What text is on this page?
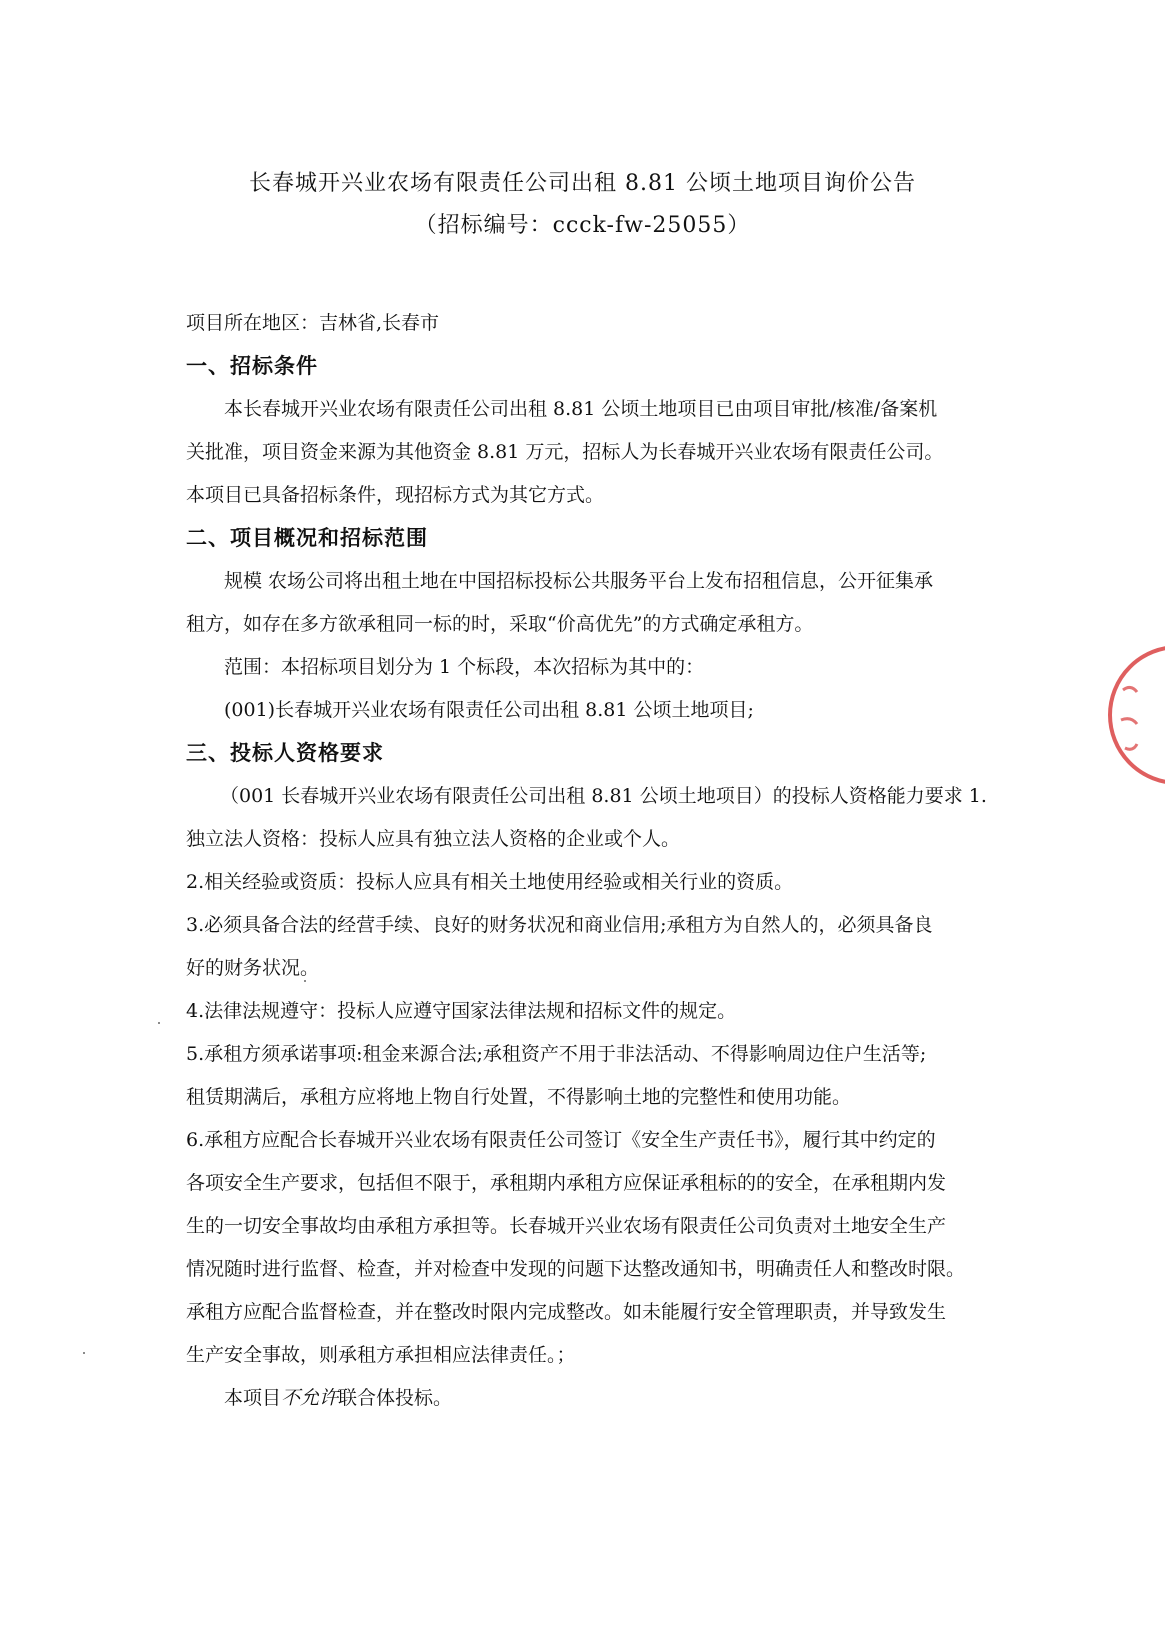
长春城开兴业农场有限责任公司出租 8.81 公顷土地项目询价公告
（招标编号：ccck-fw-25055）

项目所在地区：吉林省,长春市

一、招标条件

本长春城开兴业农场有限责任公司出租 8.81 公顷土地项目已由项目审批/核准/备案机

关批准，项目资金来源为其他资金 8.81 万元，招标人为长春城开兴业农场有限责任公司。

本项目已具备招标条件，现招标方式为其它方式。

二、项目概况和招标范围

规模 农场公司将出租土地在中国招标投标公共服务平台上发布招租信息，公开征集承

租方，如存在多方欲承租同一标的时，采取“价高优先”的方式确定承租方。

范围：本招标项目划分为 1 个标段，本次招标为其中的：

(001)长春城开兴业农场有限责任公司出租 8.81 公顷土地项目;

三、投标人资格要求

（001 长春城开兴业农场有限责任公司出租 8.81 公顷土地项目）的投标人资格能力要求 1.

独立法人资格：投标人应具有独立法人资格的企业或个人。

2.相关经验或资质：投标人应具有相关土地使用经验或相关行业的资质。

3.必须具备合法的经营手续、良好的财务状况和商业信用;承租方为自然人的，必须具备良

好的财务状况。

4.法律法规遵守：投标人应遵守国家法律法规和招标文件的规定。

5.承租方须承诺事项:租金来源合法;承租资产不用于非法活动、不得影响周边住户生活等;

租赁期满后，承租方应将地上物自行处置，不得影响土地的完整性和使用功能。

6.承租方应配合长春城开兴业农场有限责任公司签订《安全生产责任书》，履行其中约定的

各项安全生产要求，包括但不限于，承租期内承租方应保证承租标的的安全，在承租期内发

生的一切安全事故均由承租方承担等。长春城开兴业农场有限责任公司负责对土地安全生产

情况随时进行监督、检查，并对检查中发现的问题下达整改通知书，明确责任人和整改时限。

承租方应配合监督检查，并在整改时限内完成整改。如未能履行安全管理职责，并导致发生

生产安全事故，则承租方承担相应法律责任。；

本项目不允许联合体投标。
